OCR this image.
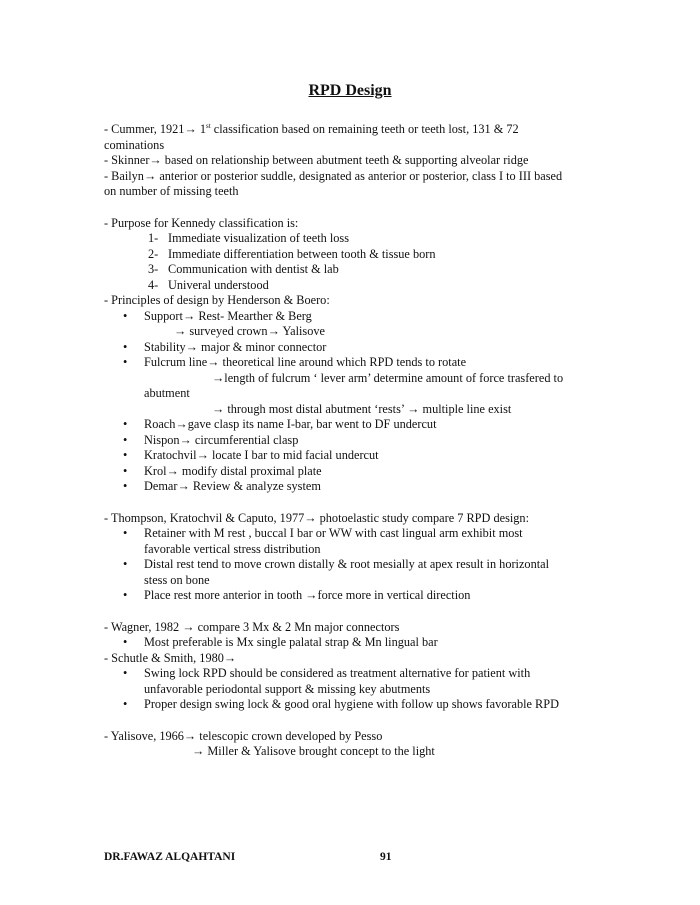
RPD Design

- Cummer, 1921→ 1st classification based on remaining teeth or teeth lost, 131 & 72

cominations

- Skinner→ based on relationship between abutment teeth & supporting alveolar ridge

- Bailyn→ anterior or posterior suddle, designated as anterior or posterior, class I to III based

on number of missing teeth

- Purpose for Kennedy classification is:

1- Immediate visualization of teeth loss
2- Immediate differentiation between tooth & tissue born
3- Communication with dentist & lab
4- Univeral understood

- Principles of design by Henderson & Boero:

• Support→ Rest- Mearther & Berg

→ surveyed crown→ Yalisove

• Stability→ major & minor connector
• Fulcrum line→ theoretical line around which RPD tends to rotate

→length of fulcrum ‘ lever arm’ determine amount of force trasfered to

abutment

→ through most distal abutment ‘rests’ → multiple line exist

• Roach→gave clasp its name I-bar, bar went to DF undercut
• Nispon→ circumferential clasp
• Kratochvil→ locate I bar to mid facial undercut
• Krol→ modify distal proximal plate
• Demar→ Review & analyze system

- Thompson, Kratochvil & Caputo, 1977→ photoelastic study compare 7 RPD design:

• Retainer with M rest , buccal I bar or WW with cast lingual arm exhibit most
favorable vertical stress distribution
• Distal rest tend to move crown distally & root mesially at apex result in horizontal
stess on bone
• Place rest more anterior in tooth →force more in vertical direction

- Wagner, 1982 → compare 3 Mx & 2 Mn major connectors

• Most preferable is Mx single palatal strap & Mn lingual bar

- Schutle & Smith, 1980→

• Swing lock RPD should be considered as treatment alternative for patient with
unfavorable periodontal support & missing key abutments
• Proper design swing lock & good oral hygiene with follow up shows favorable RPD

- Yalisove, 1966→ telescopic crown developed by Pesso

→ Miller & Yalisove brought concept to the light

DR.FAWAZ ALQAHTANI	91
